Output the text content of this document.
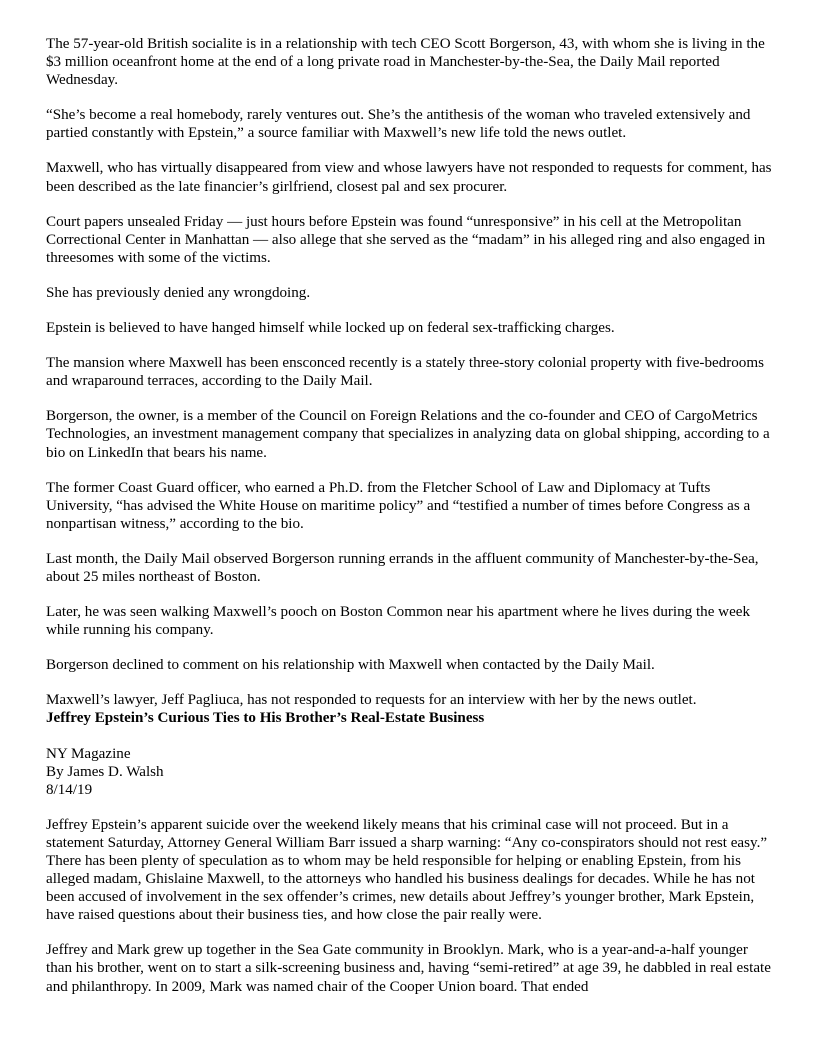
The 57-year-old British socialite is in a relationship with tech CEO Scott Borgerson, 43, with whom she is living in the $3 million oceanfront home at the end of a long private road in Manchester-by-the-Sea, the Daily Mail reported Wednesday.

“She’s become a real homebody, rarely ventures out. She’s the antithesis of the woman who traveled extensively and partied constantly with Epstein,” a source familiar with Maxwell’s new life told the news outlet.

Maxwell, who has virtually disappeared from view and whose lawyers have not responded to requests for comment, has been described as the late financier’s girlfriend, closest pal and sex procurer.

Court papers unsealed Friday — just hours before Epstein was found “unresponsive” in his cell at the Metropolitan Correctional Center in Manhattan — also allege that she served as the “madam” in his alleged ring and also engaged in threesomes with some of the victims.

She has previously denied any wrongdoing.

Epstein is believed to have hanged himself while locked up on federal sex-trafficking charges.

The mansion where Maxwell has been ensconced recently is a stately three-story colonial property with five-bedrooms and wraparound terraces, according to the Daily Mail.

Borgerson, the owner, is a member of the Council on Foreign Relations and the co-founder and CEO of CargoMetrics Technologies, an investment management company that specializes in analyzing data on global shipping, according to a bio on LinkedIn that bears his name.

The former Coast Guard officer, who earned a Ph.D. from the Fletcher School of Law and Diplomacy at Tufts University, “has advised the White House on maritime policy” and “testified a number of times before Congress as a nonpartisan witness,” according to the bio.

Last month, the Daily Mail observed Borgerson running errands in the affluent community of Manchester-by-the-Sea, about 25 miles northeast of Boston.

Later, he was seen walking Maxwell’s pooch on Boston Common near his apartment where he lives during the week while running his company.

Borgerson declined to comment on his relationship with Maxwell when contacted by the Daily Mail.

Maxwell’s lawyer, Jeff Pagliuca, has not responded to requests for an interview with her by the news outlet.

Jeffrey Epstein’s Curious Ties to His Brother’s Real-Estate Business

NY Magazine
By James D. Walsh
8/14/19

Jeffrey Epstein’s apparent suicide over the weekend likely means that his criminal case will not proceed. But in a statement Saturday, Attorney General William Barr issued a sharp warning: “Any co-conspirators should not rest easy.” There has been plenty of speculation as to whom may be held responsible for helping or enabling Epstein, from his alleged madam, Ghislaine Maxwell, to the attorneys who handled his business dealings for decades. While he has not been accused of involvement in the sex offender’s crimes, new details about Jeffrey’s younger brother, Mark Epstein, have raised questions about their business ties, and how close the pair really were.

Jeffrey and Mark grew up together in the Sea Gate community in Brooklyn. Mark, who is a year-and-a-half younger than his brother, went on to start a silk-screening business and, having “semi-retired” at age 39, he dabbled in real estate and philanthropy. In 2009, Mark was named chair of the Cooper Union board. That ended
